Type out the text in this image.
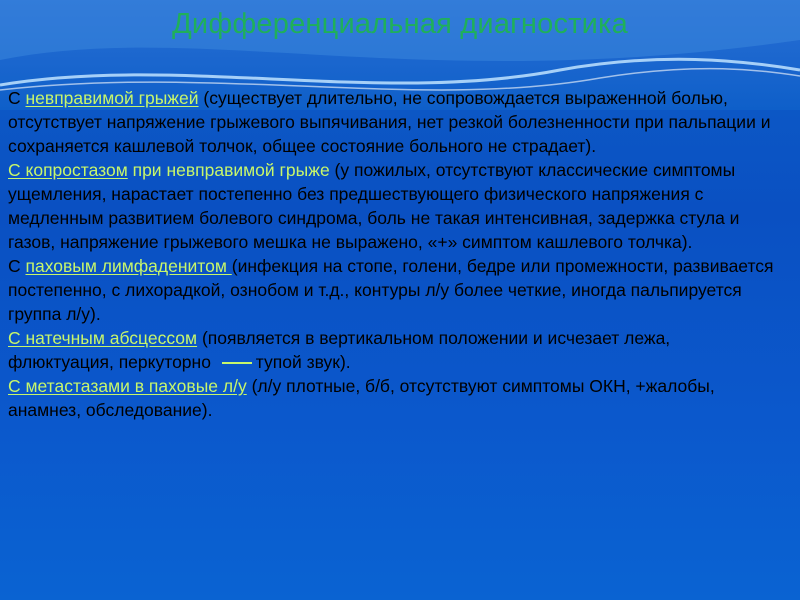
Дифференциальная диагностика

С невправимой грыжей (существует длительно, не сопровождается выраженной болью, отсутствует напряжение грыжевого выпячивания, нет резкой болезненности при пальпации и сохраняется кашлевой толчок, общее состояние больного не страдает).

С копростазом при невправимой грыже (у пожилых, отсутствуют классические симптомы ущемления, нарастает постепенно без предшествующего физического напряжения с медленным развитием болевого синдрома, боль не такая интенсивная, задержка стула и газов, напряжение грыжевого мешка не выражено, «+» симптом кашлевого толчка).

С паховым лимфаденитом (инфекция на стопе, голени, бедре или промежности, развивается постепенно, с лихорадкой, ознобом и т.д., контуры л/у более четкие, иногда пальпируется группа л/у).

С натечным абсцессом (появляется в вертикальном положении и исчезает лежа, флюктуация, перкуторно тупой звук).

С метастазами в паховые л/у (л/у плотные, б/б, отсутствуют симптомы ОКН, +жалобы, анамнез, обследование).
